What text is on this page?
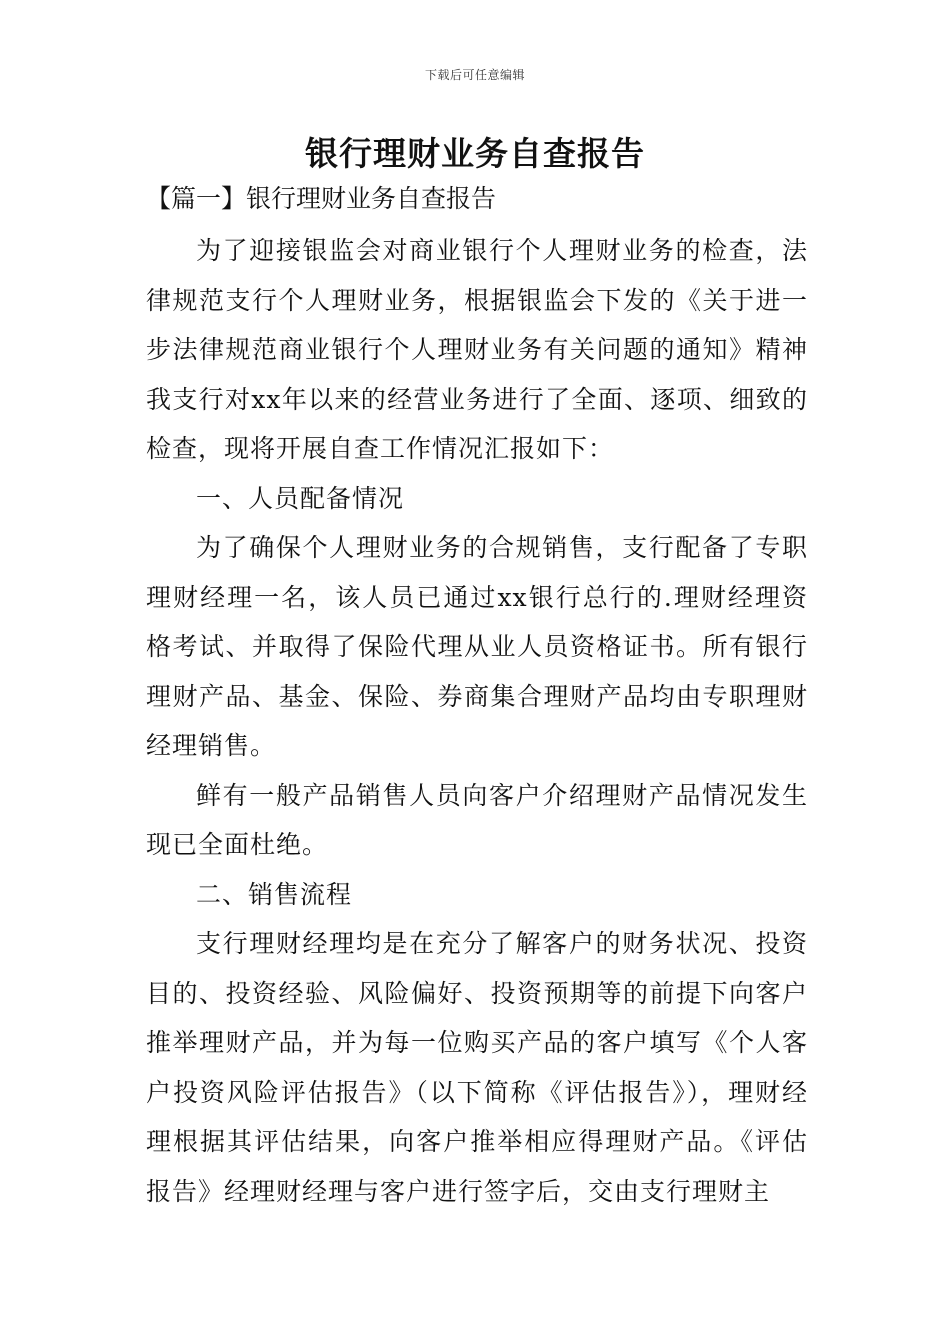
下载后可任意编辑
银行理财业务自查报告
【篇一】银行理财业务自查报告

为了迎接银监会对商业银行个人理财业务的检查，法律规范支行个人理财业务，根据银监会下发的《关于进一步法律规范商业银行个人理财业务有关问题的通知》精神我支行对xx年以来的经营业务进行了全面、逐项、细致的检查，现将开展自查工作情况汇报如下：

一、人员配备情况

为了确保个人理财业务的合规销售，支行配备了专职理财经理一名，该人员已通过xx银行总行的.理财经理资格考试、并取得了保险代理从业人员资格证书。所有银行理财产品、基金、保险、券商集合理财产品均由专职理财经理销售。

鲜有一般产品销售人员向客户介绍理财产品情况发生现已全面杜绝。

二、销售流程

支行理财经理均是在充分了解客户的财务状况、投资目的、投资经验、风险偏好、投资预期等的前提下向客户推举理财产品，并为每一位购买产品的客户填写《个人客户投资风险评估报告》（以下简称《评估报告》），理财经理根据其评估结果，向客户推举相应得理财产品。《评估报告》经理财经理与客户进行签字后，交由支行理财主
